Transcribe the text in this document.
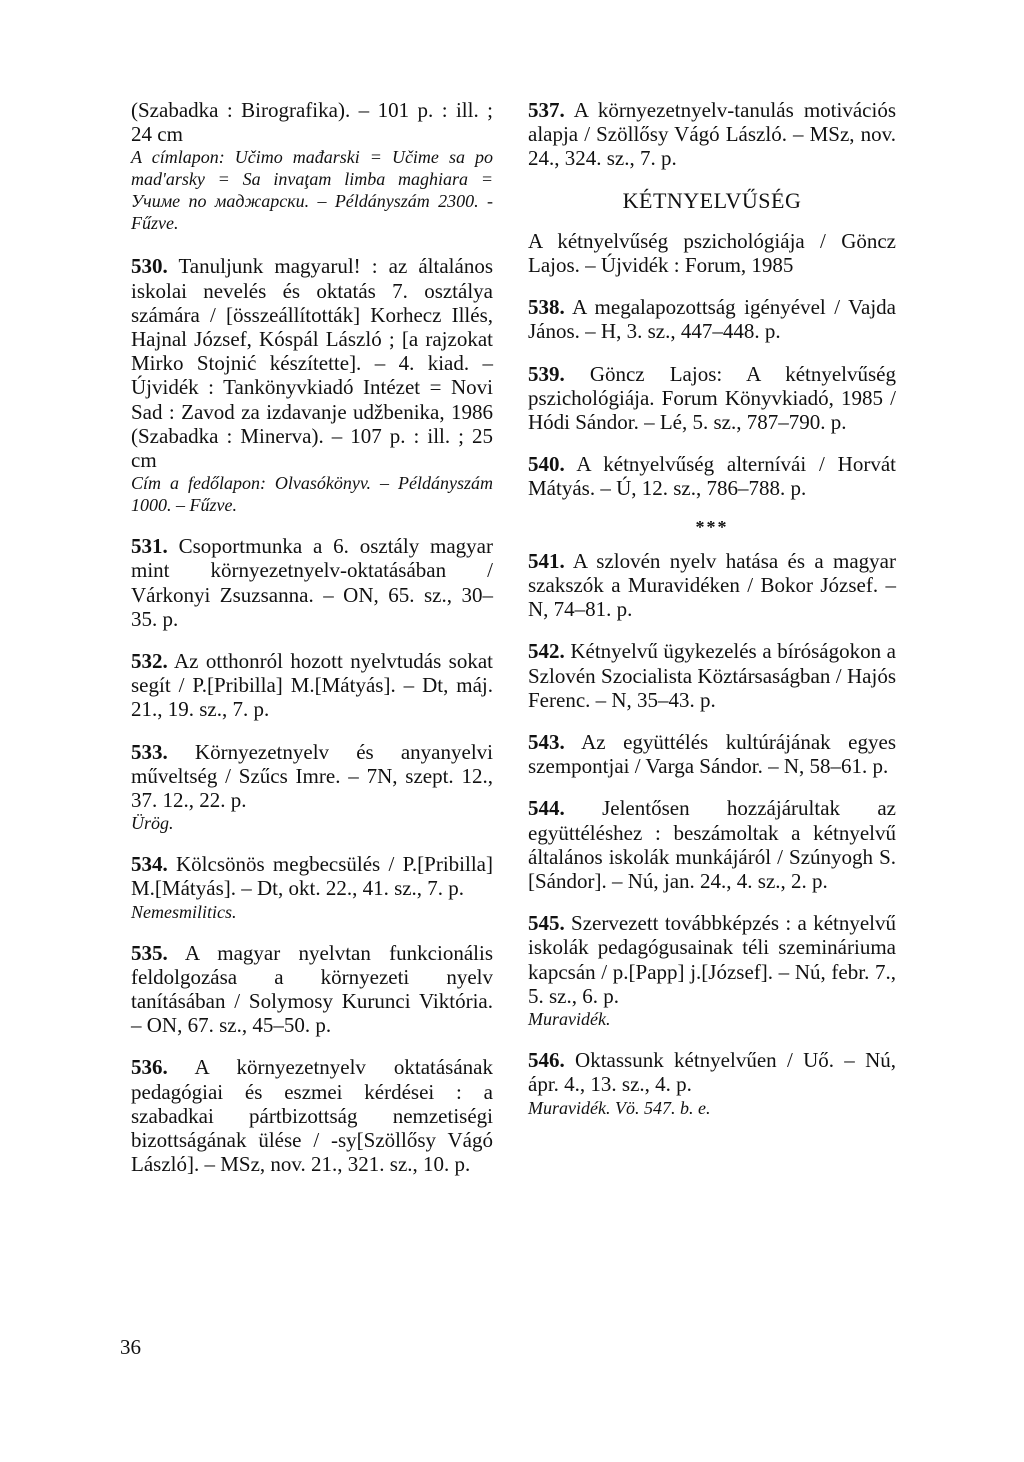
(Szabadka : Birografika). – 101 p. : ill. ; 24 cm
A címlapon: Učimo mađarski = Učime sa po mad'arsky = Sa invaţam limba maghiara = Учимe пo мaджapcки. – Példányszám 2300. - Fűzve.
530. Tanuljunk magyarul! : az általános iskolai nevelés és oktatás 7. osztálya számára / [összeállították] Korhecz Illés, Hajnal József, Kóspál László ; [a rajzokat Mirko Stojnić készítette]. – 4. kiad. – Újvidék : Tankönyvkiadó Intézet = Novi Sad : Zavod za izdavanje udžbenika, 1986 (Szabadka : Minerva). – 107 p. : ill. ; 25 cm
Cím a fedőlapon: Olvasókönyv. – Példányszám 1000. – Fűzve.
531. Csoportmunka a 6. osztály magyar mint környezetnyelv-oktatásában / Várkonyi Zsuzsanna. – ON, 65. sz., 30–35. p.
532. Az otthonról hozott nyelvtudás sokat segít / P.[Pribilla] M.[Mátyás]. – Dt, máj. 21., 19. sz., 7. p.
533. Környezetnyelv és anyanyelvi műveltség / Szűcs Imre. – 7N, szept. 12., 37. 12., 22. p.
Ürög.
534. Kölcsönös megbecsülés / P.[Pribilla] M.[Mátyás]. – Dt, okt. 22., 41. sz., 7. p.
Nemesmilitics.
535. A magyar nyelvtan funkcionális feldolgozása a környezeti nyelv tanításában / Solymosy Kurunci Viktória. – ON, 67. sz., 45–50. p.
536. A környezetnyelv oktatásának pedagógiai és eszmei kérdései : a szabadkai pártbizottság nemzetiségi bizottságának ülése / -sy[Szöllősy Vágó László]. – MSz, nov. 21., 321. sz., 10. p.
537. A környezetnyelv-tanulás motivációs alapja / Szöllősy Vágó László. – MSz, nov. 24., 324. sz., 7. p.
KÉTNYELVŰSÉG
A kétnyelvűség pszichológiája / Göncz Lajos. – Újvidék : Forum, 1985
538. A megalapozottság igényével / Vajda János. – H, 3. sz., 447–448. p.
539. Göncz Lajos: A kétnyelvűség pszichológiája. Forum Könyvkiadó, 1985 / Hódi Sándor. – Lé, 5. sz., 787–790. p.
540. A kétnyelvűség alternívái / Horvát Mátyás. – Ú, 12. sz., 786–788. p.
***
541. A szlovén nyelv hatása és a magyar szakszók a Muravidéken / Bokor József. – N, 74–81. p.
542. Kétnyelvű ügykezelés a bíróságokon a Szlovén Szocialista Köztársaságban / Hajós Ferenc. – N, 35–43. p.
543. Az együttélés kultúrájának egyes szempontjai / Varga Sándor. – N, 58–61. p.
544. Jelentősen hozzájárultak az együttéléshez : beszámoltak a kétnyelvű általános iskolák munkájáról / Szúnyogh S.[Sándor]. – Nú, jan. 24., 4. sz., 2. p.
545. Szervezett továbbképzés : a kétnyelvű iskolák pedagógusainak téli szemináriuma kapcsán / p.[Papp] j.[József]. – Nú, febr. 7., 5. sz., 6. p.
Muravidék.
546. Oktassunk kétnyelvűen / Uő. – Nú, ápr. 4., 13. sz., 4. p.
Muravidék. Vö. 547. b. e.
36
